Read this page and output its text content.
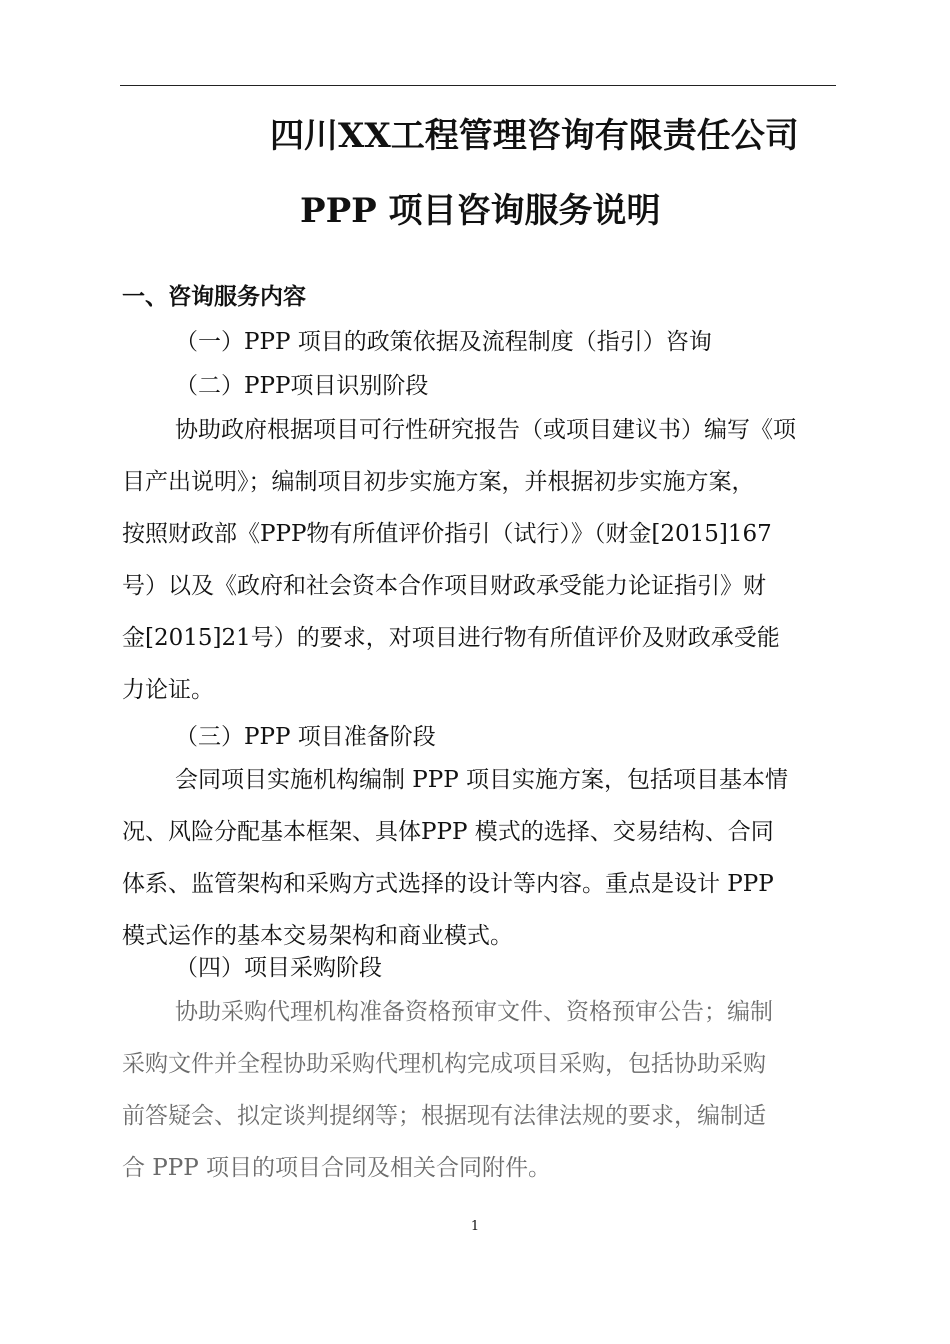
四川XX工程管理咨询有限责任公司
PPP 项目咨询服务说明
一、咨询服务内容
（一）PPP 项目的政策依据及流程制度（指引）咨询
（二）PPP项目识别阶段
协助政府根据项目可行性研究报告（或项目建议书）编写《项
目产出说明》；编制项目初步实施方案，并根据初步实施方案，
按照财政部《PPP物有所值评价指引（试行）》（财金[2015]167
号）以及《政府和社会资本合作项目财政承受能力论证指引》财
金[2015]21号）的要求，对项目进行物有所值评价及财政承受能
力论证。
（三）PPP 项目准备阶段
会同项目实施机构编制 PPP 项目实施方案，包括项目基本情
况、风险分配基本框架、具体PPP 模式的选择、交易结构、合同
体系、监管架构和采购方式选择的设计等内容。重点是设计 PPP
模式运作的基本交易架构和商业模式。
（四）项目采购阶段
协助采购代理机构准备资格预审文件、资格预审公告；编制
采购文件并全程协助采购代理机构完成项目采购，包括协助采购
前答疑会、拟定谈判提纲等；根据现有法律法规的要求，编制适
合 PPP 项目的项目合同及相关合同附件。
1
